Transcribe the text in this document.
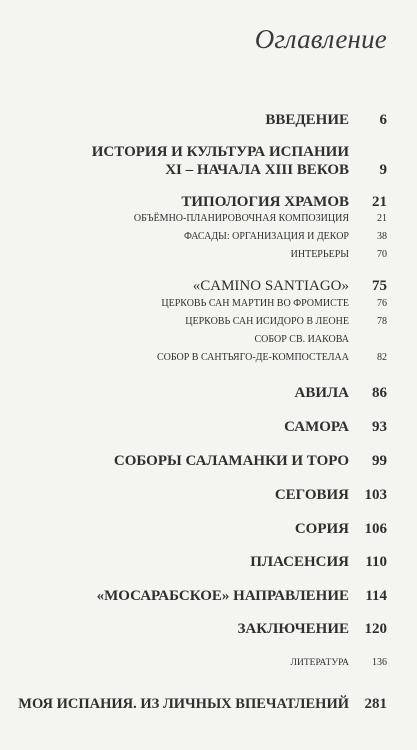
Оглавление
ВВЕДЕНИЕ 6
ИСТОРИЯ И КУЛЬТУРА ИСПАНИИ
XI – НАЧАЛА XIII ВЕКОВ 9
ТИПОЛОГИЯ ХРАМОВ 21
ОБЪЁМНО-ПЛАНИРОВОЧНАЯ КОМПОЗИЦИЯ	21
ФАСАДЫ: ОРГАНИЗАЦИЯ И ДЕКОР	38
ИНТЕРЬЕРЫ	70
«CAMINO SANTIAGO» 75
ЦЕРКОВЬ САН МАРТИН ВО ФРОМИСТЕ	76
ЦЕРКОВЬ САН ИСИДОРО В ЛЕОНЕ	78
СОБОР СВ. ИАКОВА
СОБОР В САНТЬЯГО-ДЕ-КОМПОСТЕЛАА	82
АВИЛА 86
САМОРА 93
СОБОРЫ САЛАМАНКИ И ТОРО 99
СЕГОВИЯ 103
СОРИЯ 106
ПЛАСЕНСИЯ 110
«МОСАРАБСКОЕ» НАПРАВЛЕНИЕ 114
ЗАКЛЮЧЕНИЕ 120
ЛИТЕРАТУРА 136
МОЯ ИСПАНИЯ. ИЗ ЛИЧНЫХ ВПЕЧАТЛЕНИЙ 281
